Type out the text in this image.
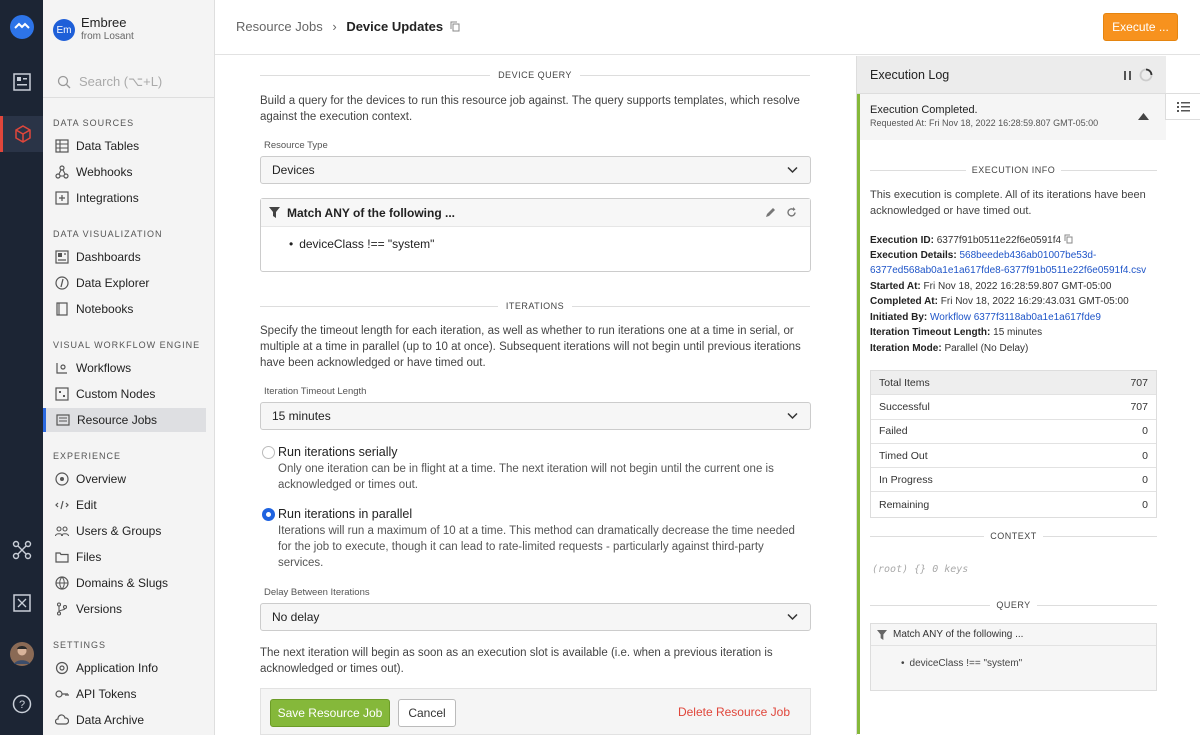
?
Em Embree
from Losant
Search (⌥+L)
DATA SOURCES
Data Tables
Webhooks
Integrations
DATA VISUALIZATION
Dashboards
Data Explorer
Notebooks
VISUAL WORKFLOW ENGINE
Workflows
Custom Nodes
Resource Jobs
EXPERIENCE
Overview
Edit
Users & Groups
Files
Domains & Slugs
Versions
SETTINGS
Application Info
API Tokens
Data Archive
Resource Jobs › Device Updates	Execute ...
DEVICE QUERY
Build a query for the devices to run this resource job against. The query supports templates, which resolve against the execution context.
Resource Type
Devices
Match ANY of the following ...
• deviceClass !== "system"
ITERATIONS
Specify the timeout length for each iteration, as well as whether to run iterations one at a time in serial, or multiple at a time in parallel (up to 10 at once). Subsequent iterations will not begin until previous iterations have been acknowledged or have timed out.
Iteration Timeout Length
15 minutes
Run iterations serially
Only one iteration can be in flight at a time. The next iteration will not begin until the current one is acknowledged or times out.
Run iterations in parallel
Iterations will run a maximum of 10 at a time. This method can dramatically decrease the time needed for the job to execute, though it can lead to rate-limited requests - particularly against third-party services.
Delay Between Iterations
No delay
The next iteration will begin as soon as an execution slot is available (i.e. when a previous iteration is acknowledged or times out).
Save Resource Job	Cancel	Delete Resource Job
Execution Log
Execution Completed.
Requested At: Fri Nov 18, 2022 16:28:59.807 GMT-05:00
EXECUTION INFO
This execution is complete. All of its iterations have been acknowledged or have timed out.
Execution ID: 6377f91b0511e22f6e0591f4
Execution Details: 568beedeb436ab01007be53d-
6377ed568ab0a1e1a617fde8-6377f91b0511e22f6e0591f4.csv
Started At: Fri Nov 18, 2022 16:28:59.807 GMT-05:00
Completed At: Fri Nov 18, 2022 16:29:43.031 GMT-05:00
Initiated By: Workflow 6377f3118ab0a1e1a617fde9
Iteration Timeout Length: 15 minutes
Iteration Mode: Parallel (No Delay)
Total Items	707
Successful	707
Failed	0
Timed Out	0
In Progress	0
Remaining	0
CONTEXT
(root) {} 0 keys
QUERY
Match ANY of the following ...
• deviceClass !== "system"
